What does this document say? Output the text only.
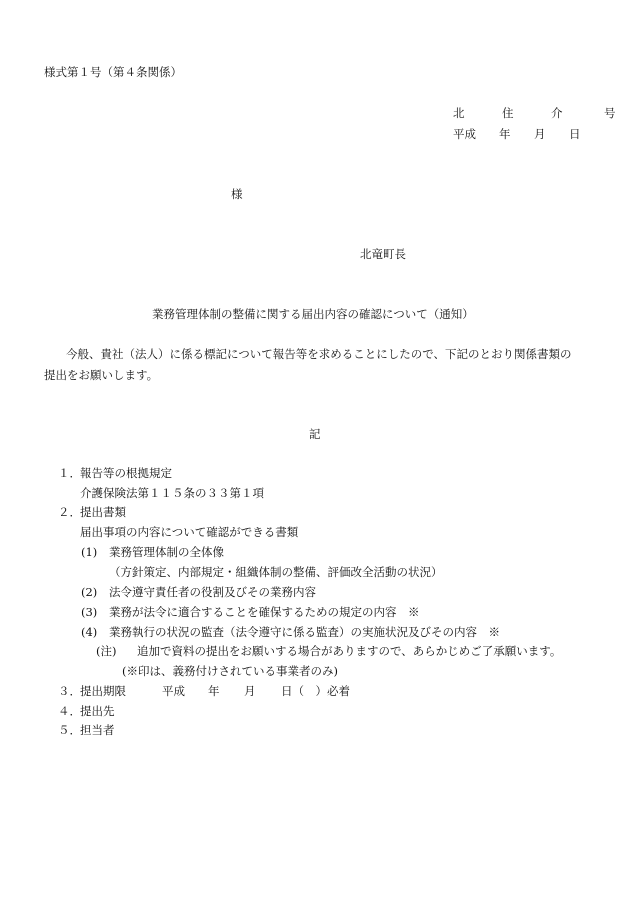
様式第１号（第４条関係）
北	住	介	号
平成 年 月 日
様
北竜町長
業務管理体制の整備に関する届出内容の確認について（通知）
今般、貴社（法人）に係る標記について報告等を求めることにしたので、下記のとおり関係書類の
提出をお願いします。
記
１． 報告等の根拠規定
介護保険法第１１５条の３３第１項
２． 提出書類
届出事項の内容について確認ができる書類
(1) 業務管理体制の全体像
（方針策定、内部規定・組織体制の整備、評価改全活動の状況）
(2) 法令遵守責任者の役割及びその業務内容
(3) 業務が法令に適合することを確保するための規定の内容　※
(4) 業務執行の状況の監査（法令遵守に係る監査）の実施状況及びその内容　※
(注) 追加で資料の提出をお願いする場合がありますので、あらかじめご了承願います。
(※印は、義務付けされている事業者のみ)
３． 提出期限	平成 年 月 日（　）必着
４． 提出先
５． 担当者
